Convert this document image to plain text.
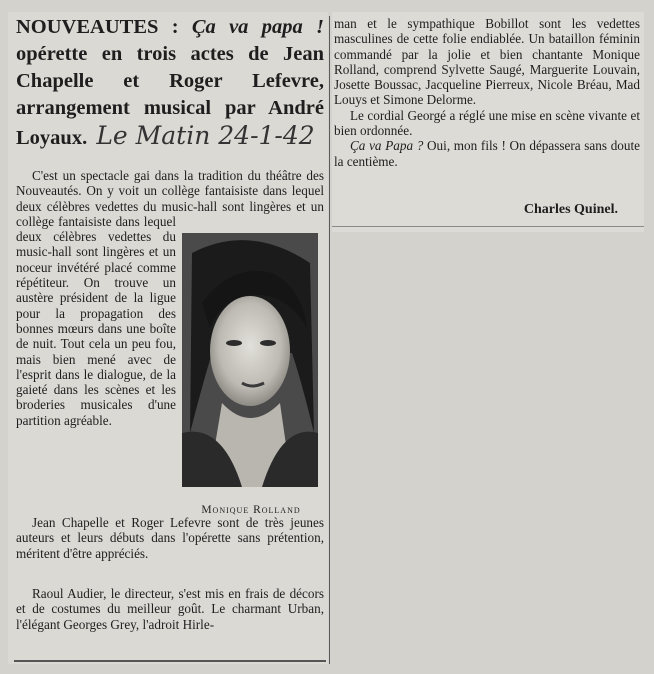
NOUVEAUTES : Ça va papa ! opérette en trois actes de Jean Chapelle et Roger Lefevre, arrangement musical par André Loyaux. Le Matin 24-1-42
C'est un spectacle gai dans la tradition du théâtre des Nouveautés. On y voit un collège fantaisiste dans lequel deux célèbres vedettes du music-hall sont lingères et un
collège fantaisiste dans lequel deux célèbres vedettes du music-hall sont lingères et un noceur invétéré placé comme répétiteur. On trouve un austère président de la ligue pour la propagation des bonnes mœurs dans une boîte de nuit. Tout cela un peu fou, mais bien mené avec de l'esprit dans le dialogue, de la gaieté dans les scènes et les broderies musicales d'une partition agréable.
Monique Rolland
Jean Chapelle et Roger Lefevre sont de très jeunes auteurs et leurs débuts dans l'opérette sans prétention, méritent d'être appréciés.
Raoul Audier, le directeur, s'est mis en frais de décors et de costumes du meilleur goût. Le charmant Urban, l'élégant Georges Grey, l'adroit Hirle-
man et le sympathique Bobillot sont les vedettes masculines de cette folie endiablée. Un bataillon féminin commandé par la jolie et bien chantante Monique Rolland, comprend Sylvette Saugé, Marguerite Louvain, Josette Boussac, Jacqueline Pierreux, Nicole Bréau, Mad Louys et Simone Delorme.
Le cordial Georgé a réglé une mise en scène vivante et bien ordonnée.
Ça va Papa ? Oui, mon fils ! On dépassera sans doute la centième.
Charles Quinel.
